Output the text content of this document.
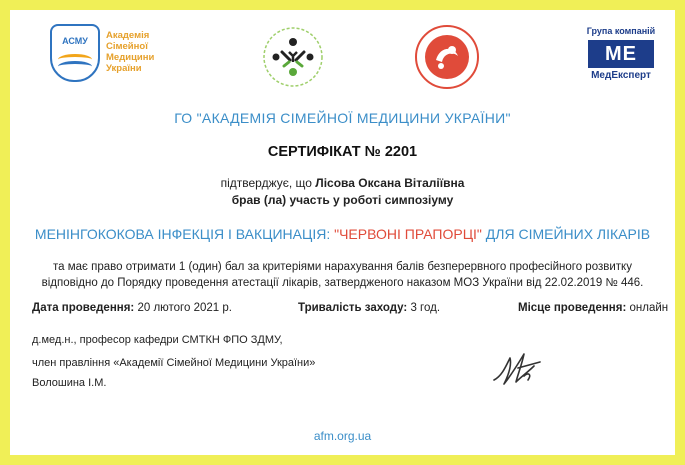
АСМУ	Академія
Сімейної
Медицини
України
Група компаній
МЕ
МедЕксперт
ГО "АКАДЕМІЯ СІМЕЙНОЇ МЕДИЦИНИ УКРАЇНИ"
СЕРТИФІКАТ № 2201
підтверджує, що Лісова Оксана Віталіївна
брав (ла) участь у роботі симпозіуму
МЕНІНГОКОКОВА ІНФЕКЦІЯ І ВАКЦИНАЦІЯ: "ЧЕРВОНІ ПРАПОРЦІ" ДЛЯ СІМЕЙНИХ ЛІКАРІВ
та має право отримати 1 (один) бал за критеріями нарахування балів безперервного професійного розвитку
відповідно до Порядку проведення атестації лікарів, затвердженого наказом МОЗ України від 22.02.2019 № 446.
Дата проведення: 20 лютого 2021 р.	Тривалість заходу: 3 год.	Місце проведення: онлайн
д.мед.н., професор кафедри СМТКН ФПО ЗДМУ,
член правління «Академії Сімейної Медицини України»
Волошина І.М.
afm.org.ua
